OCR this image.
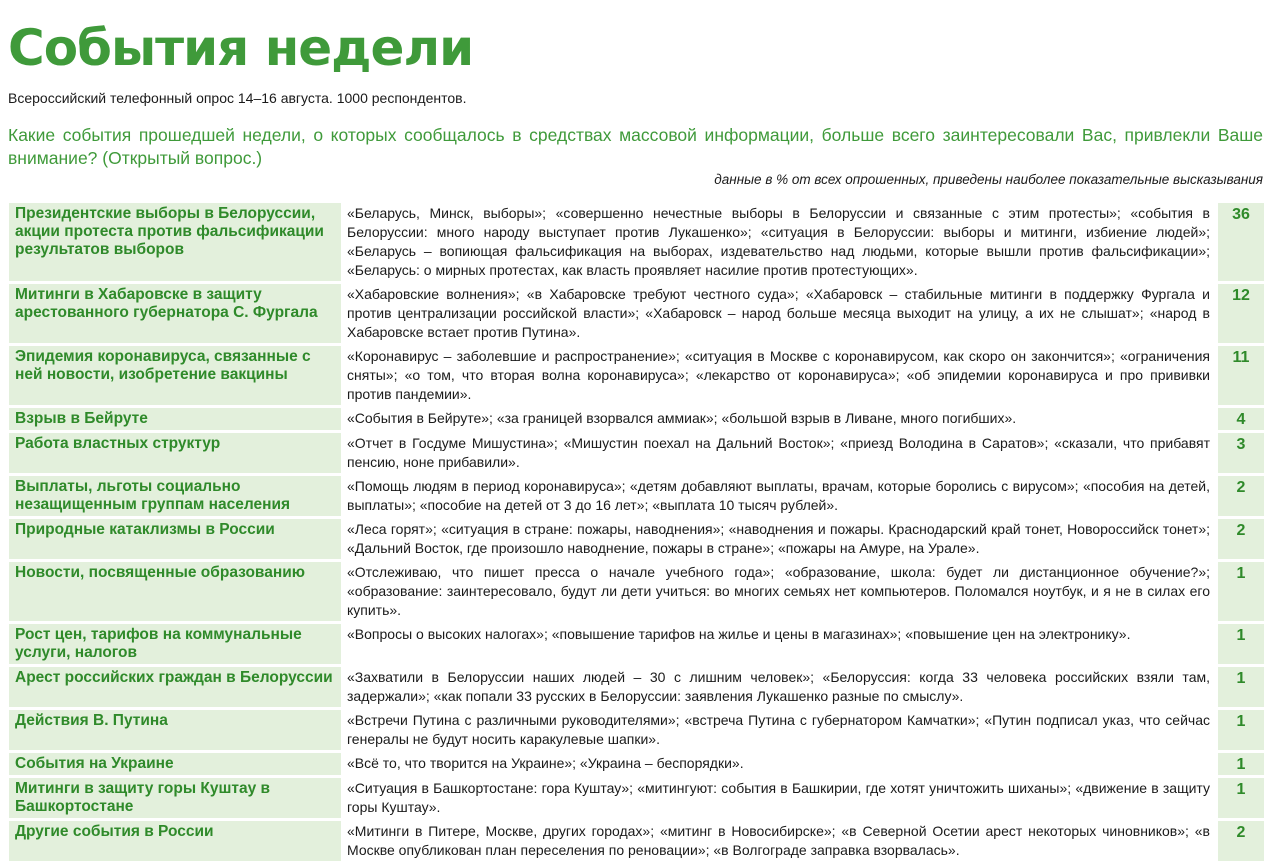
События недели
Всероссийский телефонный опрос 14–16 августа. 1000 респондентов.
Какие события прошедшей недели, о которых сообщалось в средствах массовой информации, больше всего заинтересовали Вас, привлекли Ваше внимание? (Открытый вопрос.)
данные в % от всех опрошенных, приведены наиболее показательные высказывания
Президентские выборы в Белоруссии, акции протеста против фальсификации результатов выборов		«Беларусь, Минск, выборы»; «совершенно нечестные выборы в Белоруссии и связанные с этим протесты»; «события в Белоруссии: много народу выступает против Лукашенко»; «ситуация в Белоруссии: выборы и митинги, избиение людей»; «Беларусь – вопиющая фальсификация на выборах, издевательство над людьми, которые вышли против фальсификации»; «Беларусь: о мирных протестах, как власть проявляет насилие против протестующих».	36
Митинги в Хабаровске в защиту арестованного губернатора С. Фургала		«Хабаровские волнения»; «в Хабаровске требуют честного суда»; «Хабаровск – стабильные митинги в поддержку Фургала и против централизации российской власти»; «Хабаровск – народ больше месяца выходит на улицу, а их не слышат»; «народ в Хабаровске встает против Путина».	12
Эпидемия коронавируса, связанные с ней новости, изобретение вакцины		«Коронавирус – заболевшие и распространение»; «ситуация в Москве с коронавирусом, как скоро он закончится»; «ограничения сняты»; «о том, что вторая волна коронавируса»; «лекарство от коронавируса»; «об эпидемии коронавируса и про прививки против пандемии».	11
Взрыв в Бейруте		«События в Бейруте»; «за границей взорвался аммиак»; «большой взрыв в Ливане, много погибших».	4
Работа властных структур		«Отчет в Госдуме Мишустина»; «Мишустин поехал на Дальний Восток»; «приезд Володина в Саратов»; «сказали, что прибавят пенсию, ноне прибавили».	3
Выплаты, льготы социально незащищенным группам населения		«Помощь людям в период коронавируса»; «детям добавляют выплаты, врачам, которые боролись с вирусом»; «пособия на детей, выплаты»; «пособие на детей от 3 до 16 лет»; «выплата 10 тысяч рублей».	2
Природные катаклизмы в России		«Леса горят»; «ситуация в стране: пожары, наводнения»; «наводнения и пожары. Краснодарский край тонет, Новороссийск тонет»; «Дальний Восток, где произошло наводнение, пожары в стране»; «пожары на Амуре, на Урале».	2
Новости, посвященные образованию		«Отслеживаю, что пишет пресса о начале учебного года»; «образование, школа: будет ли дистанционное обучение?»; «образование: заинтересовало, будут ли дети учиться: во многих семьях нет компьютеров. Поломался ноутбук, и я не в силах его купить».	1
Рост цен, тарифов на коммунальные услуги, налогов		«Вопросы о высоких налогах»; «повышение тарифов на жилье и цены в магазинах»; «повышение цен на электронику».	1
Арест российских граждан в Белоруссии		«Захватили в Белоруссии наших людей – 30 с лишним человек»; «Белоруссия: когда 33 человека российских взяли там, задержали»; «как попали 33 русских в Белоруссии: заявления Лукашенко разные по смыслу».	1
Действия В. Путина		«Встречи Путина с различными руководителями»; «встреча Путина с губернатором Камчатки»; «Путин подписал указ, что сейчас генералы не будут носить каракулевые шапки».	1
События на Украине		«Всё то, что творится на Украине»; «Украина – беспорядки».	1
Митинги в защиту горы Куштау в Башкортостане		«Ситуация в Башкортостане: гора Куштау»; «митингуют: события в Башкирии, где хотят уничтожить шиханы»; «движение в защиту горы Куштау».	1
Другие события в России		«Митинги в Питере, Москве, других городах»; «митинг в Новосибирске»; «в Северной Осетии арест некоторых чиновников»; «в Москве опубликован план переселения по реновации»; «в Волгограде заправка взорвалась».	2
